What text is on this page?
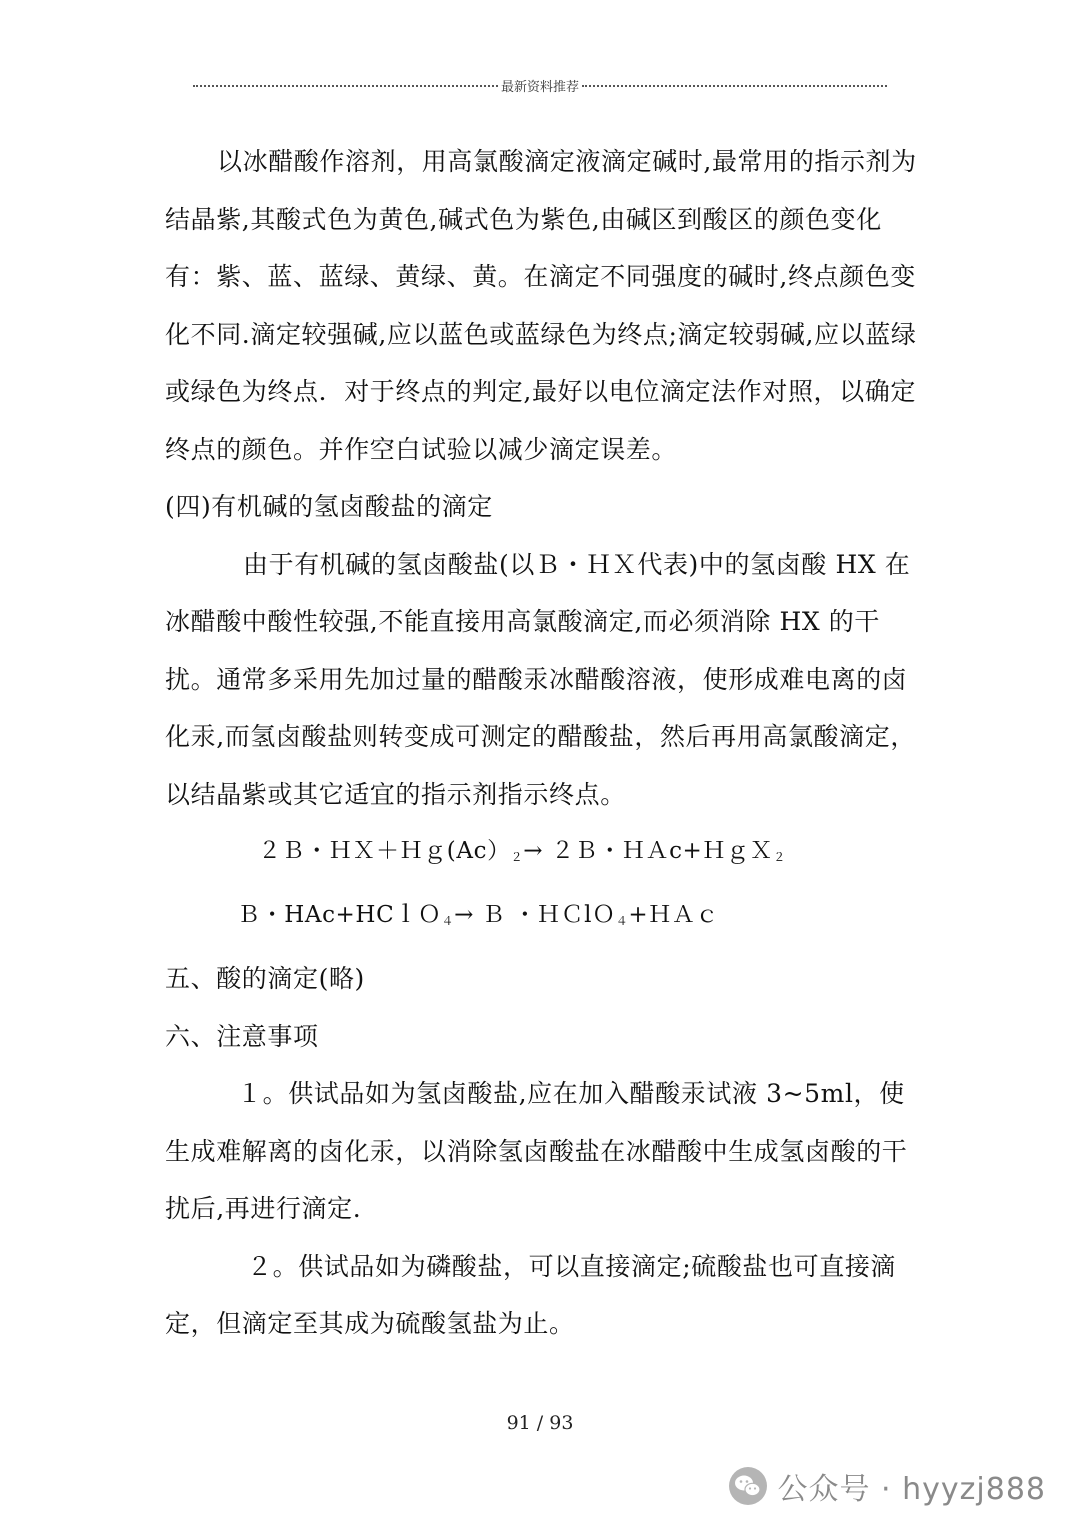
最新资料推荐

以冰醋酸作溶剂，用高氯酸滴定液滴定碱时,最常用的指示剂为结晶紫,其酸式色为黄色,碱式色为紫色,由碱区到酸区的颜色变化有：紫、蓝、蓝绿、黄绿、黄。在滴定不同强度的碱时,终点颜色变化不同.滴定较强碱,应以蓝色或蓝绿色为终点;滴定较弱碱,应以蓝绿或绿色为终点．对于终点的判定,最好以电位滴定法作对照，以确定终点的颜色。并作空白试验以减少滴定误差。

(四)有机碱的氢卤酸盐的滴定

由于有机碱的氢卤酸盐(以Ｂ・ＨＸ代表)中的氢卤酸 HX 在冰醋酸中酸性较强,不能直接用高氯酸滴定,而必须消除 HX 的干扰。通常多采用先加过量的醋酸汞冰醋酸溶液，使形成难电离的卤化汞,而氢卤酸盐则转变成可测定的醋酸盐，然后再用高氯酸滴定，以结晶紫或其它适宜的指示剂指示终点。

２Ｂ・$HX+Hg(Ac)_2\to$ ２Ｂ・ＨＡc+ＨｇＸ$_2$

Ｂ・HAc+HCｌＯ$_4$→ Ｂ ・ＨＣlＯ$_4$+ＨＡｃ

五、酸的滴定(略)

六、注意事项

１。供试品如为氢卤酸盐,应在加入醋酸汞试液 3~5ml，使生成难解离的卤化汞，以消除氢卤酸盐在冰醋酸中生成氢卤酸的干扰后,再进行滴定.

２。供试品如为磷酸盐，可以直接滴定;硫酸盐也可直接滴定，但滴定至其成为硫酸氢盐为止。

91 / 93
公众号 · hyyzj888
